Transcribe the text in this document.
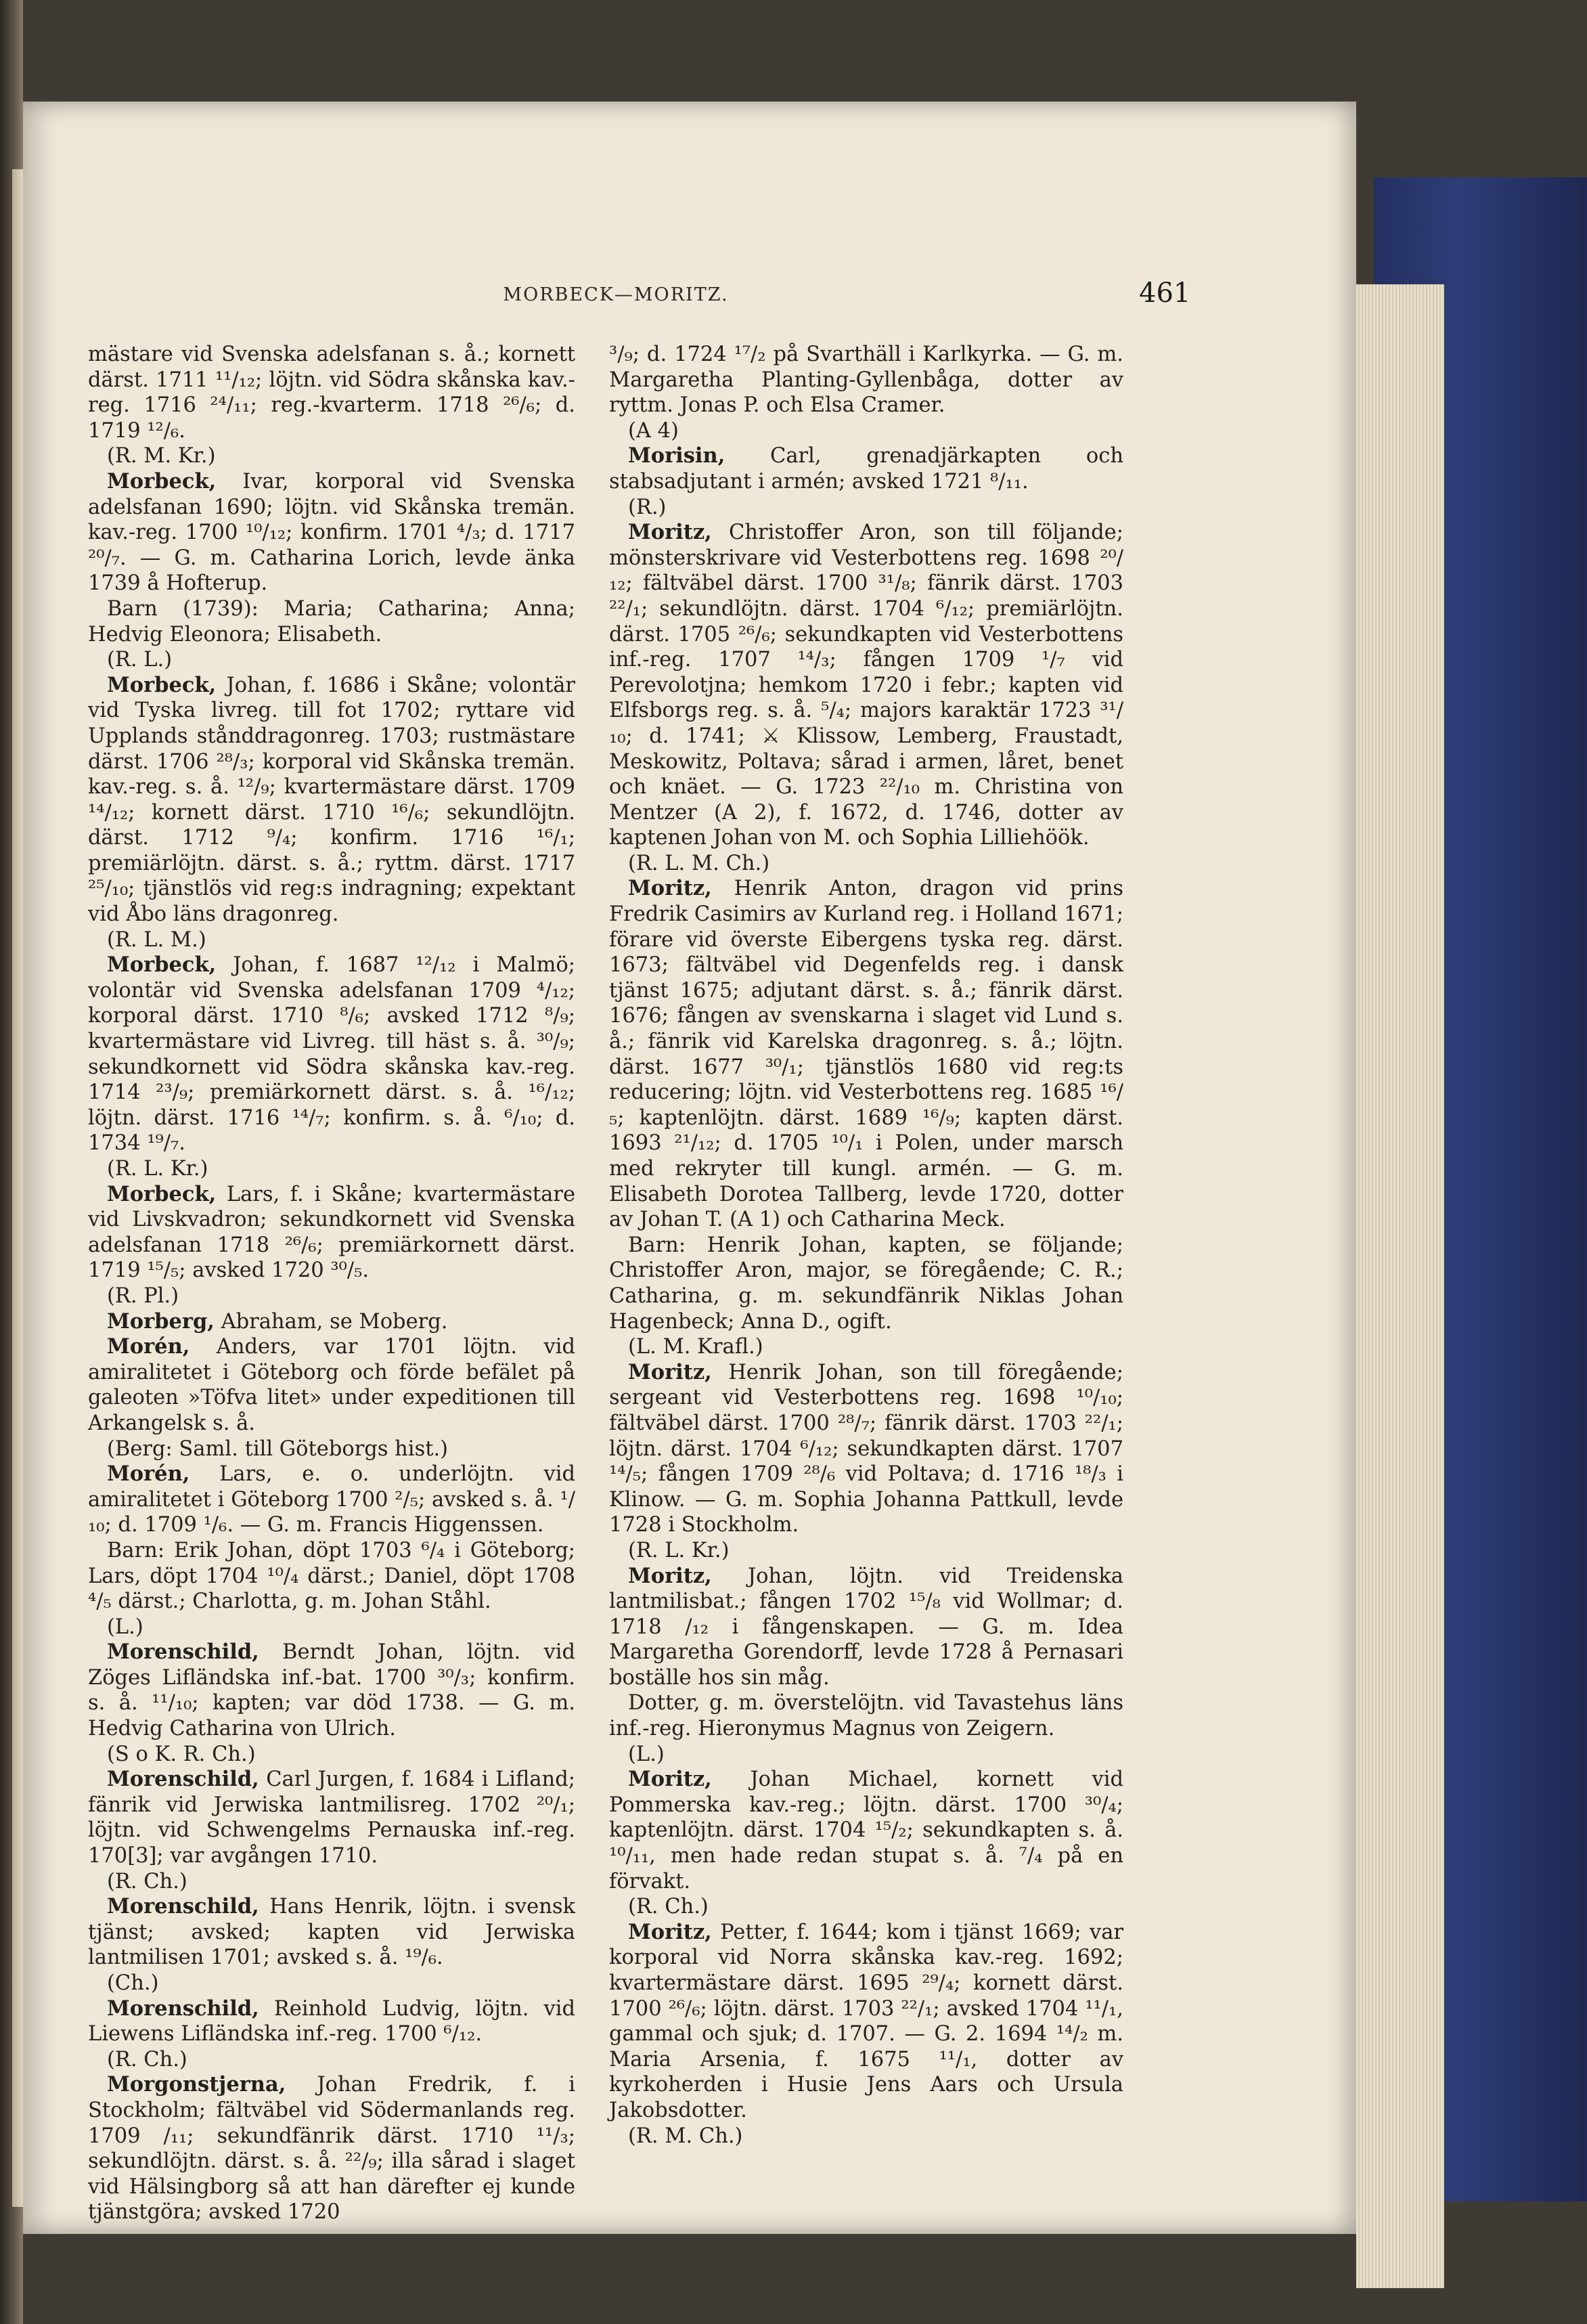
MORBECK—MORITZ.	461

mästare vid Svenska adelsfanan s. å.; kornett därst. 1711 ¹¹/₁₂; löjtn. vid Södra skånska kav.-reg. 1716 ²⁴/₁₁; reg.-kvarterm. 1718 ²⁶/₆; d. 1719 ¹²/₆.

(R. M. Kr.)

Morbeck, Ivar, korporal vid Svenska adelsfanan 1690; löjtn. vid Skånska tremän. kav.-reg. 1700 ¹⁰/₁₂; konfirm. 1701 ⁴/₃; d. 1717 ²⁰/₇. — G. m. Catharina Lorich, levde änka 1739 å Hofterup.

Barn (1739): Maria; Catharina; Anna; Hedvig Eleonora; Elisabeth.

(R. L.)

Morbeck, Johan, f. 1686 i Skåne; volontär vid Tyska livreg. till fot 1702; ryttare vid Upplands stånddragonreg. 1703; rustmästare därst. 1706 ²⁸/₃; korporal vid Skånska tremän. kav.-reg. s. å. ¹²/₉; kvartermästare därst. 1709 ¹⁴/₁₂; kornett därst. 1710 ¹⁶/₆; sekundlöjtn. därst. 1712 ⁹/₄; konfirm. 1716 ¹⁶/₁; premiärlöjtn. därst. s. å.; ryttm. därst. 1717 ²⁵/₁₀; tjänstlös vid reg:s indragning; expektant vid Åbo läns dragonreg.

(R. L. M.)

Morbeck, Johan, f. 1687 ¹²/₁₂ i Malmö; volontär vid Svenska adelsfanan 1709 ⁴/₁₂; korporal därst. 1710 ⁸/₆; avsked 1712 ⁸/₉; kvartermästare vid Livreg. till häst s. å. ³⁰/₉; sekundkornett vid Södra skånska kav.-reg. 1714 ²³/₉; premiärkornett därst. s. å. ¹⁶/₁₂; löjtn. därst. 1716 ¹⁴/₇; konfirm. s. å. ⁶/₁₀; d. 1734 ¹⁹/₇.

(R. L. Kr.)

Morbeck, Lars, f. i Skåne; kvartermästare vid Livskvadron; sekundkornett vid Svenska adelsfanan 1718 ²⁶/₆; premiärkornett därst. 1719 ¹⁵/₅; avsked 1720 ³⁰/₅.

(R. Pl.)

Morberg, Abraham, se Moberg.

Morén, Anders, var 1701 löjtn. vid amiralitetet i Göteborg och förde befälet på galeoten »Töfva litet» under expeditionen till Arkangelsk s. å.

(Berg: Saml. till Göteborgs hist.)

Morén, Lars, e. o. underlöjtn. vid amiralitetet i Göteborg 1700 ²/₅; avsked s. å. ¹/₁₀; d. 1709 ¹/₆. — G. m. Francis Higgenssen.

Barn: Erik Johan, döpt 1703 ⁶/₄ i Göteborg; Lars, döpt 1704 ¹⁰/₄ därst.; Daniel, döpt 1708 ⁴/₅ därst.; Charlotta, g. m. Johan Ståhl.

(L.)

Morenschild, Berndt Johan, löjtn. vid Zöges Lifländska inf.-bat. 1700 ³⁰/₃; konfirm. s. å. ¹¹/₁₀; kapten; var död 1738. — G. m. Hedvig Catharina von Ulrich.

(S o K. R. Ch.)

Morenschild, Carl Jurgen, f. 1684 i Lifland; fänrik vid Jerwiska lantmilisreg. 1702 ²⁰/₁; löjtn. vid Schwengelms Pernauska inf.-reg. 170[3]; var avgången 1710.

(R. Ch.)

Morenschild, Hans Henrik, löjtn. i svensk tjänst; avsked; kapten vid Jerwiska lantmilisen 1701; avsked s. å. ¹⁹/₆.

(Ch.)

Morenschild, Reinhold Ludvig, löjtn. vid Liewens Lifländska inf.-reg. 1700 ⁶/₁₂.

(R. Ch.)

Morgonstjerna, Johan Fredrik, f. i Stockholm; fältväbel vid Södermanlands reg. 1709 /₁₁; sekundfänrik därst. 1710 ¹¹/₃; sekundlöjtn. därst. s. å. ²²/₉; illa sårad i slaget vid Hälsingborg så att han därefter ej kunde tjänstgöra; avsked 1720

³/₉; d. 1724 ¹⁷/₂ på Svarthäll i Karlkyrka. — G. m. Margaretha Planting-Gyllenbåga, dotter av ryttm. Jonas P. och Elsa Cramer.

(A 4)

Morisin, Carl, grenadjärkapten och stabsadjutant i armén; avsked 1721 ⁸/₁₁.

(R.)

Moritz, Christoffer Aron, son till följande; mönsterskrivare vid Vesterbottens reg. 1698 ²⁰/₁₂; fältväbel därst. 1700 ³¹/₈; fänrik därst. 1703 ²²/₁; sekundlöjtn. därst. 1704 ⁶/₁₂; premiärlöjtn. därst. 1705 ²⁶/₆; sekundkapten vid Vesterbottens inf.-reg. 1707 ¹⁴/₃; fången 1709 ¹/₇ vid Perevolotjna; hemkom 1720 i febr.; kapten vid Elfsborgs reg. s. å. ⁵/₄; majors karaktär 1723 ³¹/₁₀; d. 1741; ⚔ Klissow, Lemberg, Fraustadt, Meskowitz, Poltava; sårad i armen, låret, benet och knäet. — G. 1723 ²²/₁₀ m. Christina von Mentzer (A 2), f. 1672, d. 1746, dotter av kaptenen Johan von M. och Sophia Lilliehöök.

(R. L. M. Ch.)

Moritz, Henrik Anton, dragon vid prins Fredrik Casimirs av Kurland reg. i Holland 1671; förare vid överste Eibergens tyska reg. därst. 1673; fältväbel vid Degenfelds reg. i dansk tjänst 1675; adjutant därst. s. å.; fänrik därst. 1676; fången av svenskarna i slaget vid Lund s. å.; fänrik vid Karelska dragonreg. s. å.; löjtn. därst. 1677 ³⁰/₁; tjänstlös 1680 vid reg:ts reducering; löjtn. vid Vesterbottens reg. 1685 ¹⁶/₅; kaptenlöjtn. därst. 1689 ¹⁶/₉; kapten därst. 1693 ²¹/₁₂; d. 1705 ¹⁰/₁ i Polen, under marsch med rekryter till kungl. armén. — G. m. Elisabeth Dorotea Tallberg, levde 1720, dotter av Johan T. (A 1) och Catharina Meck.

Barn: Henrik Johan, kapten, se följande; Christoffer Aron, major, se föregående; C. R.; Catharina, g. m. sekundfänrik Niklas Johan Hagenbeck; Anna D., ogift.

(L. M. Krafl.)

Moritz, Henrik Johan, son till föregående; sergeant vid Vesterbottens reg. 1698 ¹⁰/₁₀; fältväbel därst. 1700 ²⁸/₇; fänrik därst. 1703 ²²/₁; löjtn. därst. 1704 ⁶/₁₂; sekundkapten därst. 1707 ¹⁴/₅; fången 1709 ²⁸/₆ vid Poltava; d. 1716 ¹⁸/₃ i Klinow. — G. m. Sophia Johanna Pattkull, levde 1728 i Stockholm.

(R. L. Kr.)

Moritz, Johan, löjtn. vid Treidenska lantmilisbat.; fången 1702 ¹⁵/₈ vid Wollmar; d. 1718 /₁₂ i fångenskapen. — G. m. Idea Margaretha Gorendorff, levde 1728 å Pernasari boställe hos sin måg.

Dotter, g. m. överstelöjtn. vid Tavastehus läns inf.-reg. Hieronymus Magnus von Zeigern.

(L.)

Moritz, Johan Michael, kornett vid Pommerska kav.-reg.; löjtn. därst. 1700 ³⁰/₄; kaptenlöjtn. därst. 1704 ¹⁵/₂; sekundkapten s. å. ¹⁰/₁₁, men hade redan stupat s. å. ⁷/₄ på en förvakt.

(R. Ch.)

Moritz, Petter, f. 1644; kom i tjänst 1669; var korporal vid Norra skånska kav.-reg. 1692; kvartermästare därst. 1695 ²⁹/₄; kornett därst. 1700 ²⁶/₆; löjtn. därst. 1703 ²²/₁; avsked 1704 ¹¹/₁, gammal och sjuk; d. 1707. — G. 2. 1694 ¹⁴/₂ m. Maria Arsenia, f. 1675 ¹¹/₁, dotter av kyrkoherden i Husie Jens Aars och Ursula Jakobsdotter.

(R. M. Ch.)
